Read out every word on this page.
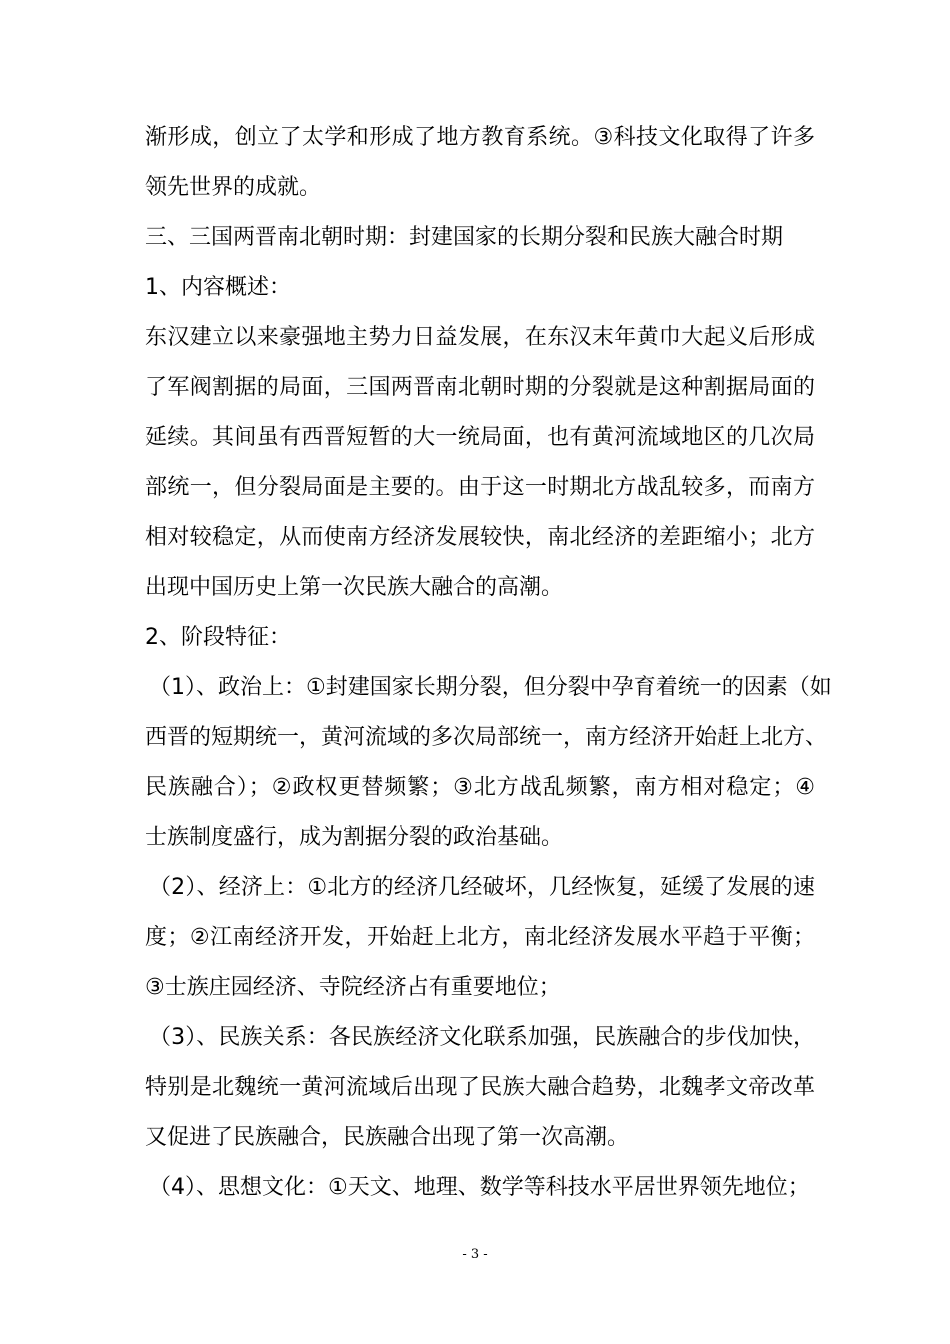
渐形成，创立了太学和形成了地方教育系统。③科技文化取得了许多
领先世界的成就。
三、三国两晋南北朝时期：封建国家的长期分裂和民族大融合时期
1、内容概述：
东汉建立以来豪强地主势力日益发展，在东汉末年黄巾大起义后形成
了军阀割据的局面，三国两晋南北朝时期的分裂就是这种割据局面的
延续。其间虽有西晋短暂的大一统局面，也有黄河流域地区的几次局
部统一，但分裂局面是主要的。由于这一时期北方战乱较多，而南方
相对较稳定，从而使南方经济发展较快，南北经济的差距缩小；北方
出现中国历史上第一次民族大融合的高潮。
2、阶段特征：
（1）、政治上：①封建国家长期分裂，但分裂中孕育着统一的因素（如
西晋的短期统一，黄河流域的多次局部统一，南方经济开始赶上北方、
民族融合）；②政权更替频繁；③北方战乱频繁，南方相对稳定；④
士族制度盛行，成为割据分裂的政治基础。
（2）、经济上：①北方的经济几经破坏，几经恢复，延缓了发展的速
度；②江南经济开发，开始赶上北方，南北经济发展水平趋于平衡；
③士族庄园经济、寺院经济占有重要地位；
（3）、民族关系：各民族经济文化联系加强，民族融合的步伐加快，
特别是北魏统一黄河流域后出现了民族大融合趋势，北魏孝文帝改革
又促进了民族融合，民族融合出现了第一次高潮。
（4）、思想文化：①天文、地理、数学等科技水平居世界领先地位；
- 3 -
